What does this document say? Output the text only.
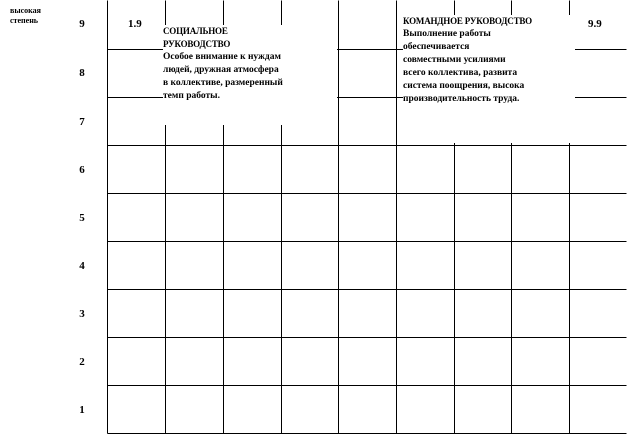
высокая
степень	9
8
7
6
5
4
3
2
1
1.9	9.9
СОЦИАЛЬНОЕ
РУКОВОДСТВО
Особое внимание к нуждам
людей, дружная атмосфера
в коллективе, размеренный
темп работы.
КОМАНДНОЕ РУКОВОДСТВО
Выполнение работы
обеспечивается
совместными усилиями
всего коллектива, развита
система поощрения, высока
производительность труда.
